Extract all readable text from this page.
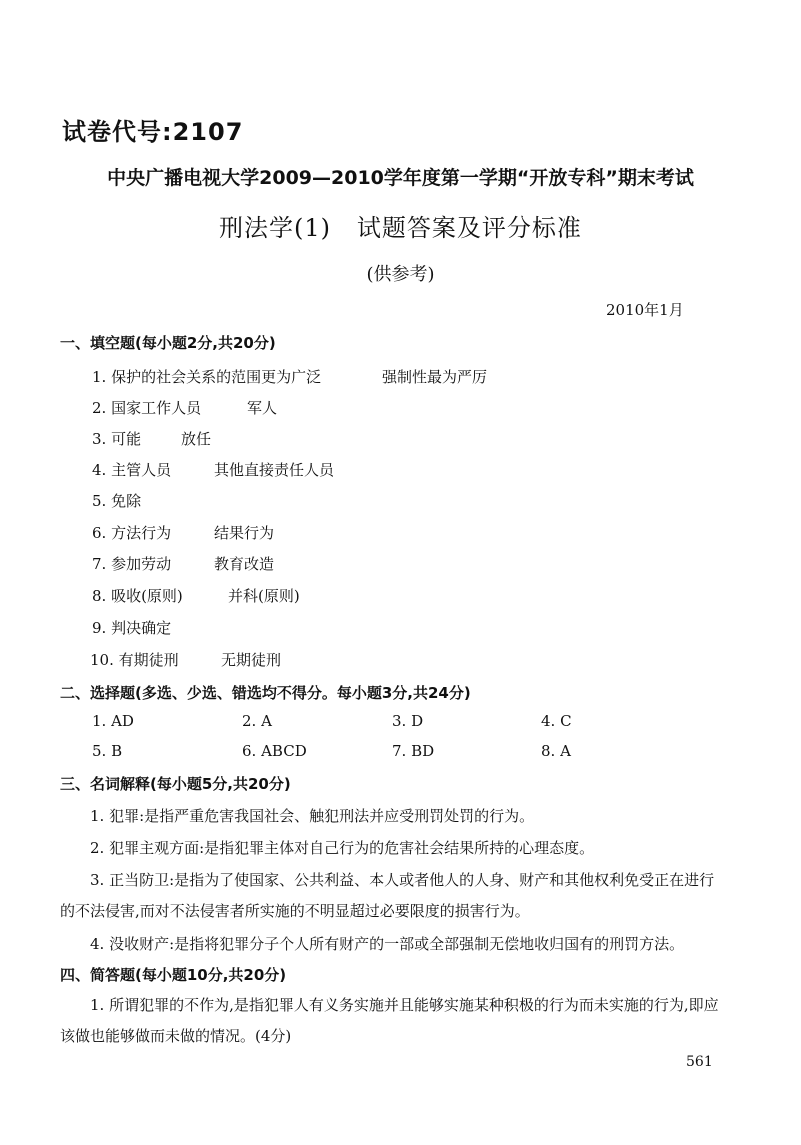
试卷代号:2107
中央广播电视大学2009—2010学年度第一学期“开放专科”期末考试
刑法学(1)   试题答案及评分标准
(供参考)
2010年1月
一、填空题(每小题2分,共20分)
1. 保护的社会关系的范围更为广泛	强制性最为严厉
2. 国家工作人员	军人
3. 可能	放任
4. 主管人员	其他直接责任人员
5. 免除
6. 方法行为	结果行为
7. 参加劳动	教育改造
8. 吸收(原则)	并科(原则)
9. 判决确定
10. 有期徒刑	无期徒刑
二、选择题(多选、少选、错选均不得分。每小题3分,共24分)
1. AD	2. A	3. D	4. C
5. B	6. ABCD	7. BD	8. A
三、名词解释(每小题5分,共20分)
1. 犯罪:是指严重危害我国社会、触犯刑法并应受刑罚处罚的行为。
2. 犯罪主观方面:是指犯罪主体对自己行为的危害社会结果所持的心理态度。
3. 正当防卫:是指为了使国家、公共利益、本人或者他人的人身、财产和其他权利免受正在进行的不法侵害,而对不法侵害者所实施的不明显超过必要限度的损害行为。
4. 没收财产:是指将犯罪分子个人所有财产的一部或全部强制无偿地收归国有的刑罚方法。
四、简答题(每小题10分,共20分)
1. 所谓犯罪的不作为,是指犯罪人有义务实施并且能够实施某种积极的行为而未实施的行为,即应该做也能够做而未做的情况。(4分)
561
